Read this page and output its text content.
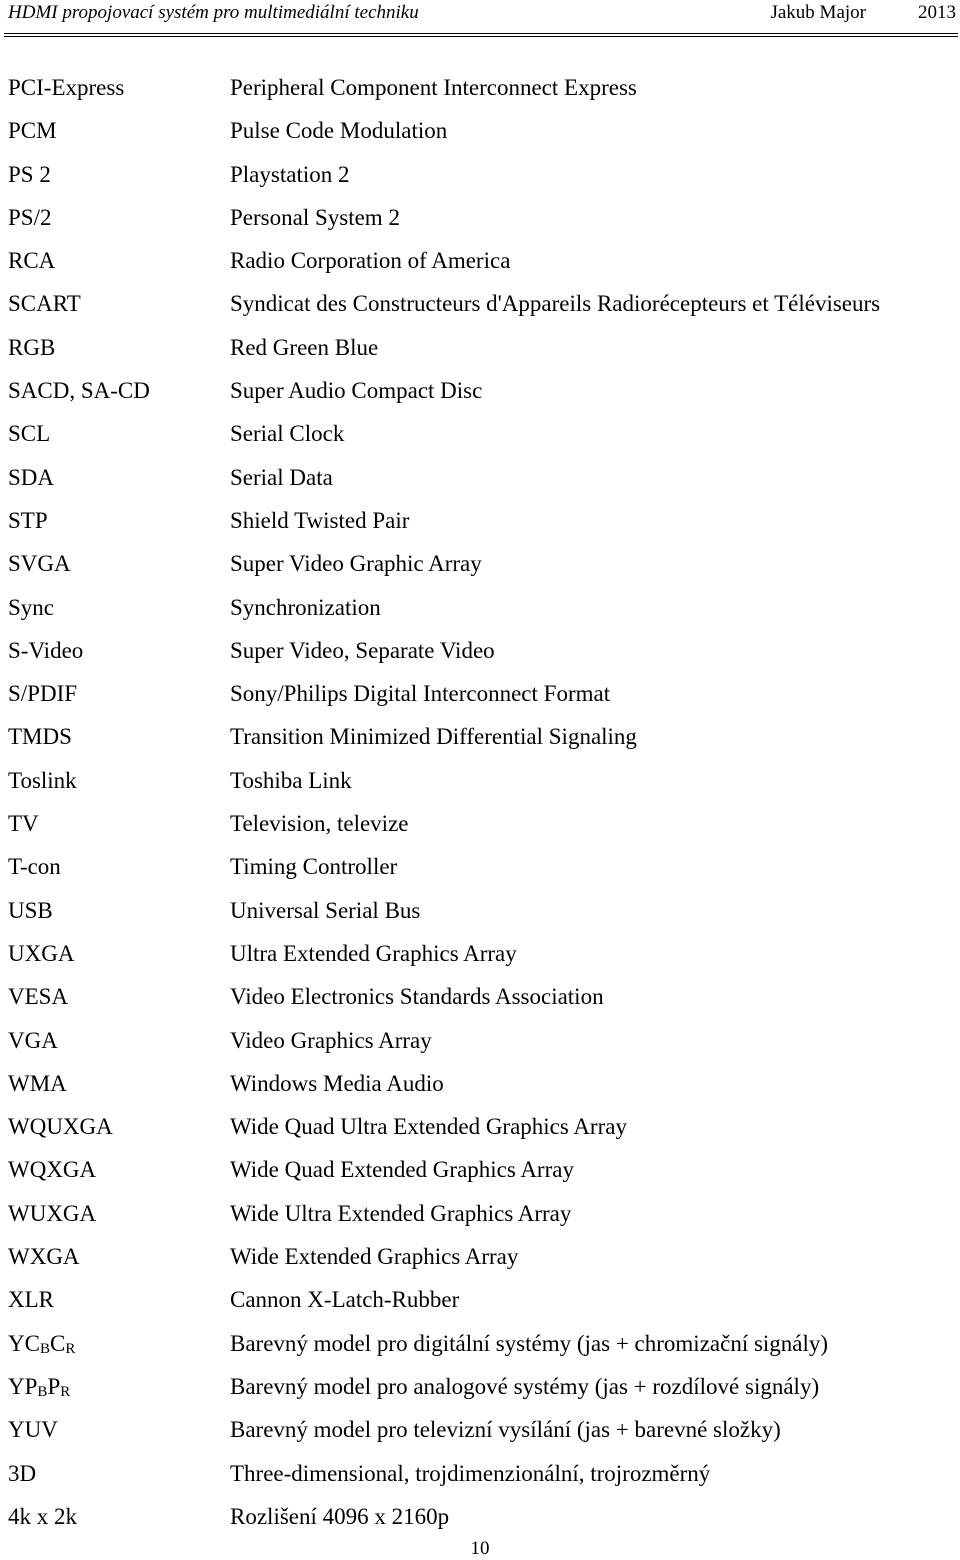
HDMI propojovací systém pro multimediální techniku	Jakub Major	2013
PCI-Express	Peripheral Component Interconnect Express
PCM	Pulse Code Modulation
PS 2	Playstation 2
PS/2	Personal System 2
RCA	Radio Corporation of America
SCART	Syndicat des Constructeurs d'Appareils Radiorécepteurs et Téléviseurs
RGB	Red Green Blue
SACD, SA-CD	Super Audio Compact Disc
SCL	Serial Clock
SDA	Serial Data
STP	Shield Twisted Pair
SVGA	Super Video Graphic Array
Sync	Synchronization
S-Video	Super Video, Separate Video
S/PDIF	Sony/Philips Digital Interconnect Format
TMDS	Transition Minimized Differential Signaling
Toslink	Toshiba Link
TV	Television, televize
T-con	Timing Controller
USB	Universal Serial Bus
UXGA	Ultra Extended Graphics Array
VESA	Video Electronics Standards Association
VGA	Video Graphics Array
WMA	Windows Media Audio
WQUXGA	Wide Quad Ultra Extended Graphics Array
WQXGA	Wide Quad Extended Graphics Array
WUXGA	Wide Ultra Extended Graphics Array
WXGA	Wide Extended Graphics Array
XLR	Cannon X-Latch-Rubber
$YC_BC_R$	Barevný model pro digitální systémy (jas + chromizační signály)
$YP_BP_R$	Barevný model pro analogové systémy (jas + rozdílové signály)
YUV	Barevný model pro televizní vysílání (jas + barevné složky)
3D	Three-dimensional, trojdimenzionální, trojrozměrný
4k x 2k	Rozlišení 4096 x 2160p
10
